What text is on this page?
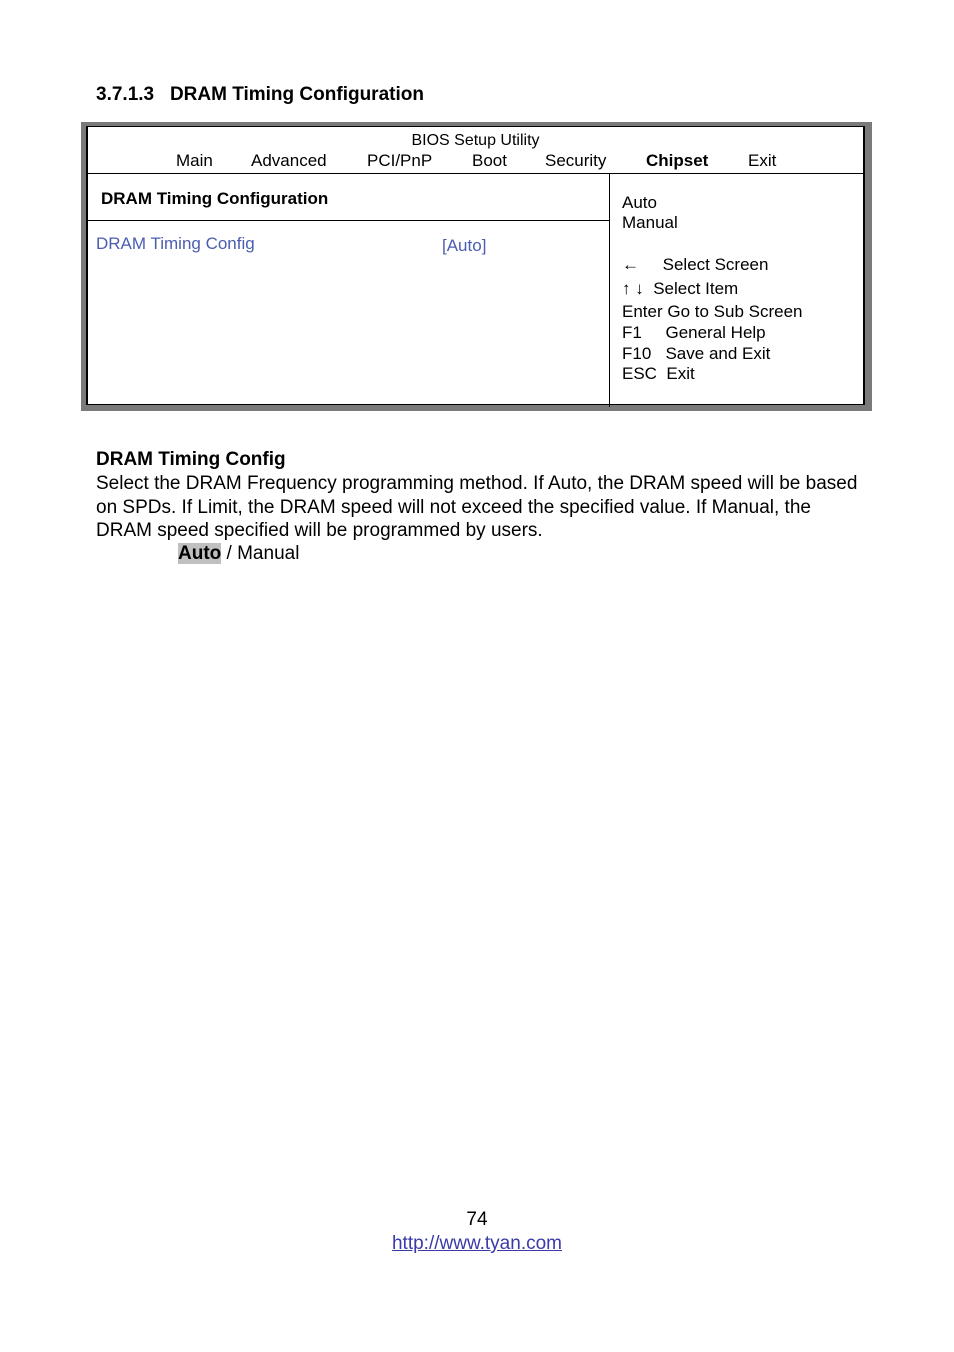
3.7.1.3 DRAM Timing Configuration
BIOS Setup Utility
Main Advanced PCI/PnP Boot Security Chipset Exit
DRAM Timing Configuration
DRAM Timing Config	[Auto]
Auto
Manual
← Select Screen
↑ ↓ Select Item
Enter Go to Sub Screen
F1 General Help
F10 Save and Exit
ESC Exit
DRAM Timing Config
Select the DRAM Frequency programming method. If Auto, the DRAM speed will be based on SPDs. If Limit, the DRAM speed will not exceed the specified value. If Manual, the DRAM speed specified will be programmed by users.
Auto / Manual
74
http://www.tyan.com
